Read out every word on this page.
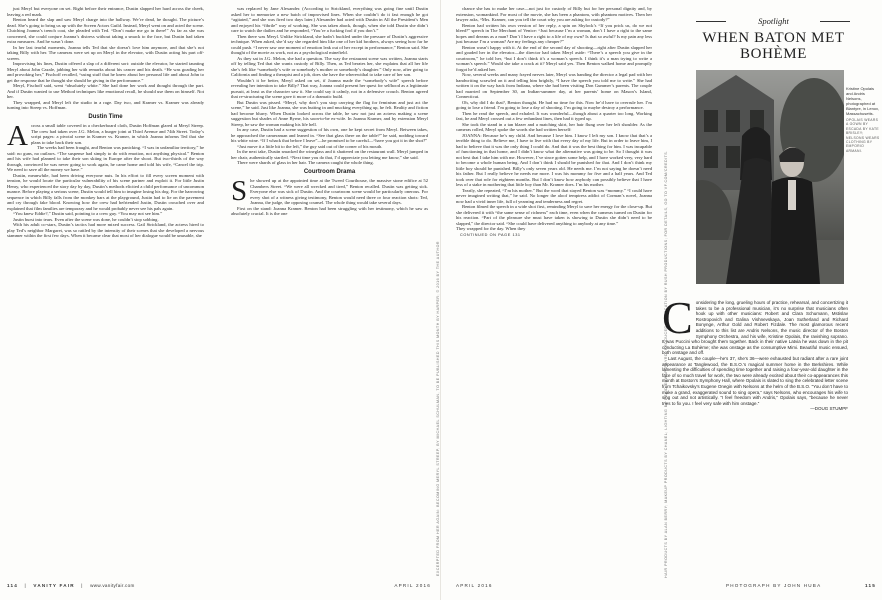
just Meryl but everyone on set. Right before their entrance, Dustin slapped her hard across the cheek, leaving a red mark.

Benton heard the slap and saw Meryl charge into the hallway. We’re dead, he thought. The picture’s dead. She’s going to bring us up with the Screen Actors Guild. Instead, Meryl went on and acted the scene. Clutching Joanna’s trench coat, she pleaded with Ted. “Don’t make me go in there!” As far as she was concerned, she could conjure Joanna’s distress without taking a smack to the face, but Dustin had taken extra measures. And he wasn’t done.

In her last tearful moments, Joanna tells Ted that she doesn’t love him anymore, and that she’s not taking Billy with her. The cameras were set up on Meryl in the elevator, with Dustin acting his part off-screen.

Improvising his lines, Dustin offered a slap of a different sort: outside the elevator, he started taunting Meryl about John Cazale, jabbing her with remarks about his cancer and his death. “He was goading her and provoking her,” Fischoff recalled, “using stuff that he knew about her personal life and about John to get the response that he thought she should be giving in the performance.”

Meryl, Fischoff said, went “absolutely white.” She had done her work and thought through the part. And if Dustin wanted to use Method techniques like emotional recall, he should use them on himself. Not her.

They wrapped, and Meryl left the studio in a rage. Day two, and Kramer vs. Kramer was already turning into Streep vs. Hoffman.

Dustin Time

Across a small table covered in a checkerboard cloth, Dustin Hoffman glared at Meryl Streep. The crew had taken over J.G. Melon, a burger joint at Third Avenue and 74th Street. Today’s script pages: a pivotal scene in Kramer vs. Kramer, in which Joanna informs Ted that she plans to take back their son.

The weeks had been fraught, and Benton was panicking. “I was in unfamiliar territory,” he said: no guns, no outlaws. “The suspense had simply to do with emotion, not anything physical.” Benton and his wife had planned to take their son skiing in Europe after the shoot. But two-thirds of the way through, convinced he was never going to work again, he came home and told his wife, “Cancel the trip. We need to save all the money we have.”

Dustin, meanwhile, had been driving everyone nuts. In his effort to fill every screen moment with tension, he would locate the particular vulnerability of his scene partner and exploit it. For little Justin Henry, who experienced the story day by day, Dustin’s methods elicited a child performance of uncommon nuance. Before playing a serious scene, Dustin would tell him to imagine losing his dog. For the harrowing sequence in which Billy falls from the monkey bars at the playground, Justin had to lie on the pavement and cry through fake blood. Knowing how the crew had befriended Justin, Dustin crouched over and explained that film families are temporary and he would probably never see his pals again.

“You knew Eddie?,” Dustin said, pointing to a crew guy. “You may not see him.”

Justin burst into tears. Even after the scene was done, he couldn’t stop sobbing.

With his adult co-stars, Dustin’s tactics had more mixed success. Gail Strickland, the actress hired to play Ted’s neighbor Margaret, was so rattled by the intensity of their scenes that she developed a nervous stammer within the first few days. When it became clear that most of her dialogue would be unusable, she

was replaced by Jane Alexander. (According to Strickland, everything was going fine until Dustin asked her to memorize a new batch of improvised lines. When she couldn’t do it fast enough he got “agitated,” and she was fired two days later.) Alexander had acted with Dustin in All the President’s Men and enjoyed his “fibrile” way of working. She was taken aback, though, when she told Dustin she didn’t care to watch the dailies and he responded, “You’re a fucking fool if you don’t.”

Then there was Meryl. Unlike Strickland, she hadn’t buckled under the pressure of Dustin’s aggressive technique. When asked, she’d say she regarded him like one of her kid brothers, always seeing how far he could push. “I never saw one moment of emotion leak out of her except in performance,” Benton said. She thought of the movie as work, not as a psychological minefield.

As they sat in J.G. Melon, she had a question. The way the restaurant scene was written, Joanna starts off by telling Ted that she wants custody of Billy. Then, as Ted berates her, she explains that all her life she’s felt like “somebody’s wife or somebody’s mother or somebody’s daughter.” Only now, after going to California and finding a therapist and a job, does she have the wherewithal to take care of her son.

Wouldn’t it be better, Meryl asked on set, if Joanna made the “somebody’s wife” speech before revealing her intention to take Billy? That way, Joanna could present her quest for selfhood as a legitimate pursuit, at least as the character saw it. She could say it calmly, not in a defensive crouch. Benton agreed that re-structuring the scene gave it more of a dramatic build.

But Dustin was pissed. “Meryl, why don’t you stop carrying the flag for feminism and just act the scene,” he said. Just like Joanna, she was butting in and mucking everything up, he felt. Reality and fiction had become blurry. When Dustin looked across the table, he saw not just an actress making a scene suggestion but shades of Anne Byrne, his soon-to-be ex-wife. In Joanna Kramer, and by extension Meryl Streep, he saw the woman making his life hell.

In any case, Dustin had a scene suggestion of his own, one he kept secret from Meryl. Between takes, he approached the cameraman and leaned in. “See that glass there on the table?” he said, nodding toward his white wine. “If I whack that before I leave”—he promised to be careful—“have you got it in the shot?”

“Just move it a little bit to the left,” the guy said out of the corner of his mouth.

In the next take, Dustin smacked the wineglass and it shattered on the restaurant wall. Meryl jumped in her chair, authentically startled. “Next time you do that, I’d appreciate you letting me know,” she said.

There were shards of glass in her hair. The camera caught the whole thing.

Courtroom Drama

She showed up at the appointed time at the Tweed Courthouse, the massive stone edifice at 52 Chambers Street. “We were all wrecked and tired,” Benton recalled. Dustin was getting sick. Everyone else was sick of Dustin. And the courtroom scene would be particularly onerous. For every shot of a witness giving testimony, Benton would need three or four reaction shots: Ted, Joanna, the judge, the opposing counsel. The whole thing would take several days.

First on the stand: Joanna Kramer. Benton had been struggling with her testimony, which he saw as absolutely crucial. It is the one

EXCERPTED FROM HER AGAIN: BECOMING MERYL STREEP, BY MICHAEL SCHULMAN, TO BE PUBLISHED THIS MONTH BY HARPER; © 2016 BY THE AUTHOR
114 | VANITY FAIR | www.vanityfair.com	APRIL 2016

chance she has to make her case—not just for custody of Billy but for her personal dignity and, by extension, womankind. For most of the movie, she has been a phantom, with phantom motives. Then her lawyer asks, “Mrs. Kramer, can you tell the court why you are asking for custody?”

Benton had written his own version of her reply, a spin on Shylock’s “If you prick us, do we not bleed?” speech in The Merchant of Venice: “Just because I’m a woman, don’t I have a right to the same hopes and dreams as a man? Don’t I have a right to a life of my own? Is that so awful? Is my pain any less just because I’m a woman? Are my feelings any cheaper?”

Benton wasn’t happy with it. At the end of the second day of shooting—right after Dustin slapped her and goaded her in the elevator—the director had taken Meryl aside: “There’s a speech you give in the courtroom,” he told her, “but I don’t think it’s a woman’s speech. I think it’s a man trying to write a woman’s speech.” Would she take a crack at it? Meryl said yes. Then Benton walked home and promptly forgot he’d asked her.

Now, several weeks and many frayed nerves later, Meryl was handing the director a legal pad with her handwriting scrawled on it and telling him brightly, “I have the speech you told me to write.” She had written it on the way back from Indiana, where she had been visiting Don Gummer’s parents. The couple had married on September 30, an Indian-summer day, at her parents’ home on Mason’s Island, Connecticut.

Oh, why did I do that?, Benton thought. He had no time for this. Now he’d have to overrule her. I’m going to lose a friend. I’m going to lose a day of shooting. I’m going to maybe destroy a performance.

Then he read the speech, and exhaled. It was wonderful—though about a quarter too long. Working fast, he and Meryl crossed out a few redundant lines, then had it typed up.

She took the stand in a tan blazer and a matching skirt, her hair flung over her left shoulder. As the cameras rolled, Meryl spoke the words she had written herself:

JOANNA: Because he’s my child. And because I love him. I know I left my son. I know that that’s a terrible thing to do. Believe me, I have to live with that every day of my life. But in order to leave him, I had to believe that it was the only thing I could do. And that it was the best thing for him. I was incapable of functioning in that home, and I didn’t know what the alternative was going to be. So I thought it was not best that I take him with me. However, I’ve since gotten some help, and I have worked very, very hard to become a whole human being. And I don’t think I should be punished for that. And I don’t think my little boy should be punished. Billy’s only seven years old. He needs me. I’m not saying he doesn’t need his father. But I really believe he needs me more. I was his mommy for five and a half years. And Ted took over that role for eighteen months. But I don’t know how anybody can possibly believe that I have less of a stake in mothering that little boy than Mr. Kramer does. I’m his mother.

Tearily, she repeated, “I’m his mother.” But the word that stayed Benton was “mommy.” “I could have never imagined writing that,” he said. No longer the aloof temptress addict of Corman’s novel, Joanna now had a vivid inner life, full of yearning and tenderness and regret.

Benton filmed the speech in a wide shot first, reminding Meryl to save her energy for the close-up. But she delivered it with “the same sense of richness” each time, even when the cameras turned on Dustin for his reaction. “Part of the pleasure she must have taken is showing to Dustin she didn’t need to be slapped,” the director said. “She could have delivered anything to anybody at any time.”

They wrapped for the day. When they

CONTINUED ON PAGE 131
Spotlight
WHEN BATON MET BOHÈME
Kristine Opolais and Andris Nelsons, photographed at Blantyre, in Lenox, Massachusetts.
OPOLAIS WEARS A GOWN BY ESCADA BY KATE BRISLEY; NELSONS WEARS CLOTHING BY EMPORIO ARMANI.
HAIR PRODUCTS BY ALAN BERRY; MAKEUP PRODUCTS BY CHANEL; LIGHTING BY DAVID EDWARD BYRD; PRODUCED ON LOCATION BY RUSH PRODUCTIONS; FOR DETAILS, GO TO VF.COM/CREDITS.
C onsidering the long, grueling hours of practice, rehearsal, and concertizing it takes to be a professional musician, it’s no surprise that musicians often hook up with other musicians: Robert and Clara Schumann, Mstislav Rostropovich and Galina Vishnevskaya, Joan Sutherland and Richard Bonynge, Arthur Gold and Robert Fizdale. The most glamorous recent additions to this list are Andris Nelsons, the music director of the Boston Symphony Orchestra, and his wife, Kristine Opolais, the ravishing soprano. It was Puccini who brought them together. Back in their native Latvia he was down in the pit conducting La Bohème; she was onstage as the consumptive Mimi. Beautiful music ensued, both onstage and off.

Last August, the couple—he’s 37, she’s 36—were exhausted but radiant after a rare joint appearance at Tanglewood, the B.S.O.’s magical summer home in the Berkshires. While lamenting the difficulties of spending time together and raising a four-year-old daughter in the face of so much travel for work, the two were already excited about their co-appearances this month at Boston’s Symphony Hall, where Opolais is slated to sing the celebrated letter scene from Tchaikovsky’s Eugene Onegin with Nelsons at the helm of the B.S.O. “You don’t have to make a grand, exaggerated sound to sing opera,” says Nelsons, who encourages his wife to sing out and not artistically. “I feel freedom with Andris,” Opolais says, “because he never tries to fix you. I feel very safe with him onstage.”

—DOUG STUMPF
APRIL 2016	PHOTOGRAPH BY JOHN HUBA	115
